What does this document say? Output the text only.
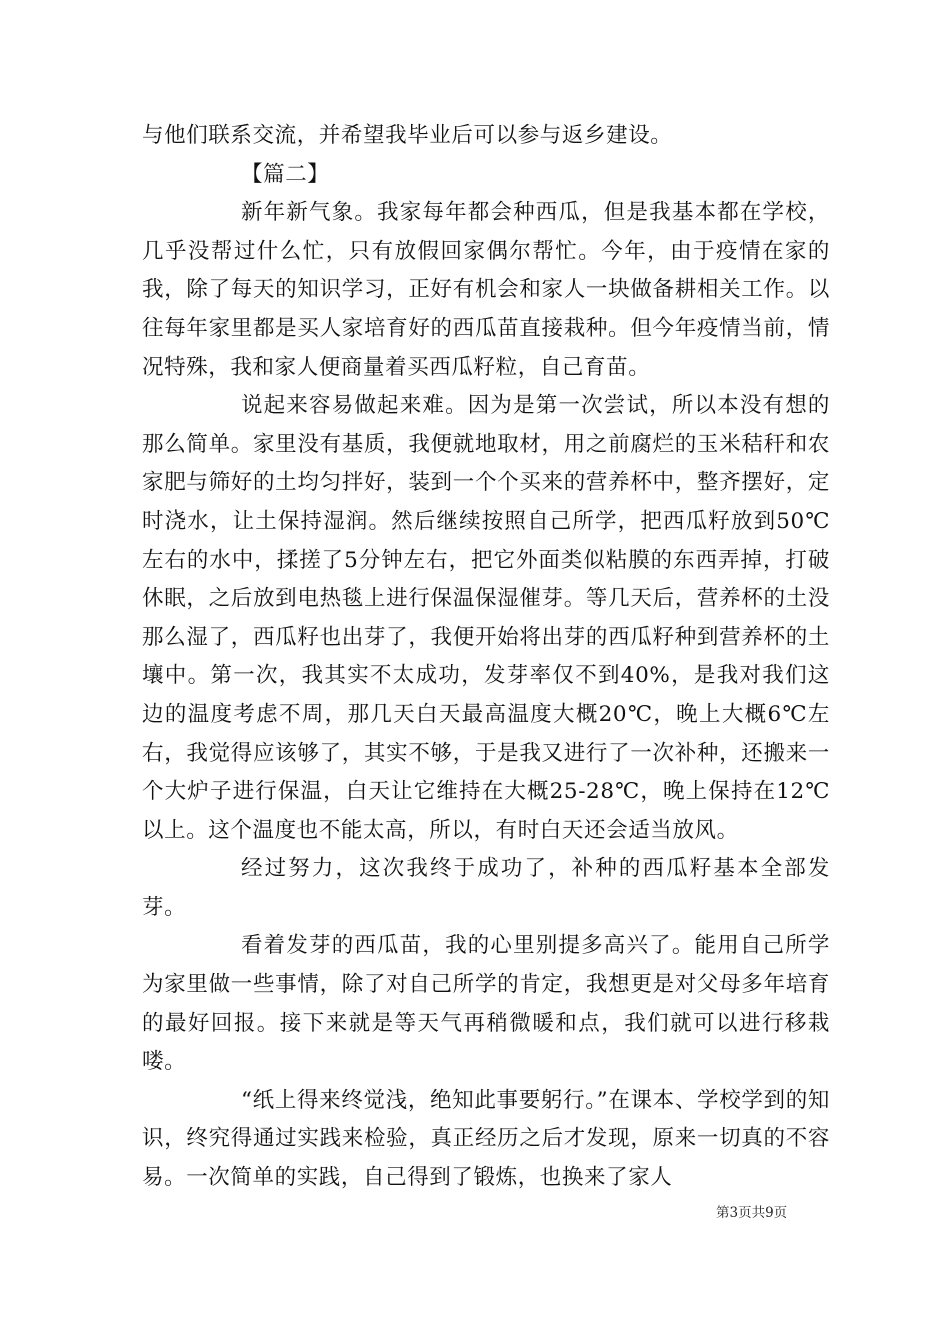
与他们联系交流，并希望我毕业后可以参与返乡建设。

【篇二】

新年新气象。我家每年都会种西瓜，但是我基本都在学校，几乎没帮过什么忙，只有放假回家偶尔帮忙。今年，由于疫情在家的我，除了每天的知识学习，正好有机会和家人一块做备耕相关工作。以往每年家里都是买人家培育好的西瓜苗直接栽种。但今年疫情当前，情况特殊，我和家人便商量着买西瓜籽粒，自己育苗。

说起来容易做起来难。因为是第一次尝试，所以本没有想的那么简单。家里没有基质，我便就地取材，用之前腐烂的玉米秸秆和农家肥与筛好的土均匀拌好，装到一个个买来的营养杯中，整齐摆好，定时浇水，让土保持湿润。然后继续按照自己所学，把西瓜籽放到50℃左右的水中，揉搓了5分钟左右，把它外面类似粘膜的东西弄掉，打破休眠，之后放到电热毯上进行保温保湿催芽。等几天后，营养杯的土没那么湿了，西瓜籽也出芽了，我便开始将出芽的西瓜籽种到营养杯的土壤中。第一次，我其实不太成功，发芽率仅不到40%，是我对我们这边的温度考虑不周，那几天白天最高温度大概20℃，晚上大概6℃左右，我觉得应该够了，其实不够，于是我又进行了一次补种，还搬来一个大炉子进行保温，白天让它维持在大概25-28℃，晚上保持在12℃以上。这个温度也不能太高，所以，有时白天还会适当放风。

经过努力，这次我终于成功了，补种的西瓜籽基本全部发芽。

看着发芽的西瓜苗，我的心里别提多高兴了。能用自己所学为家里做一些事情，除了对自己所学的肯定，我想更是对父母多年培育的最好回报。接下来就是等天气再稍微暖和点，我们就可以进行移栽喽。

“纸上得来终觉浅，绝知此事要躬行。”在课本、学校学到的知识，终究得通过实践来检验，真正经历之后才发现，原来一切真的不容易。一次简单的实践，自己得到了锻炼，也换来了家人

第3页共9页
